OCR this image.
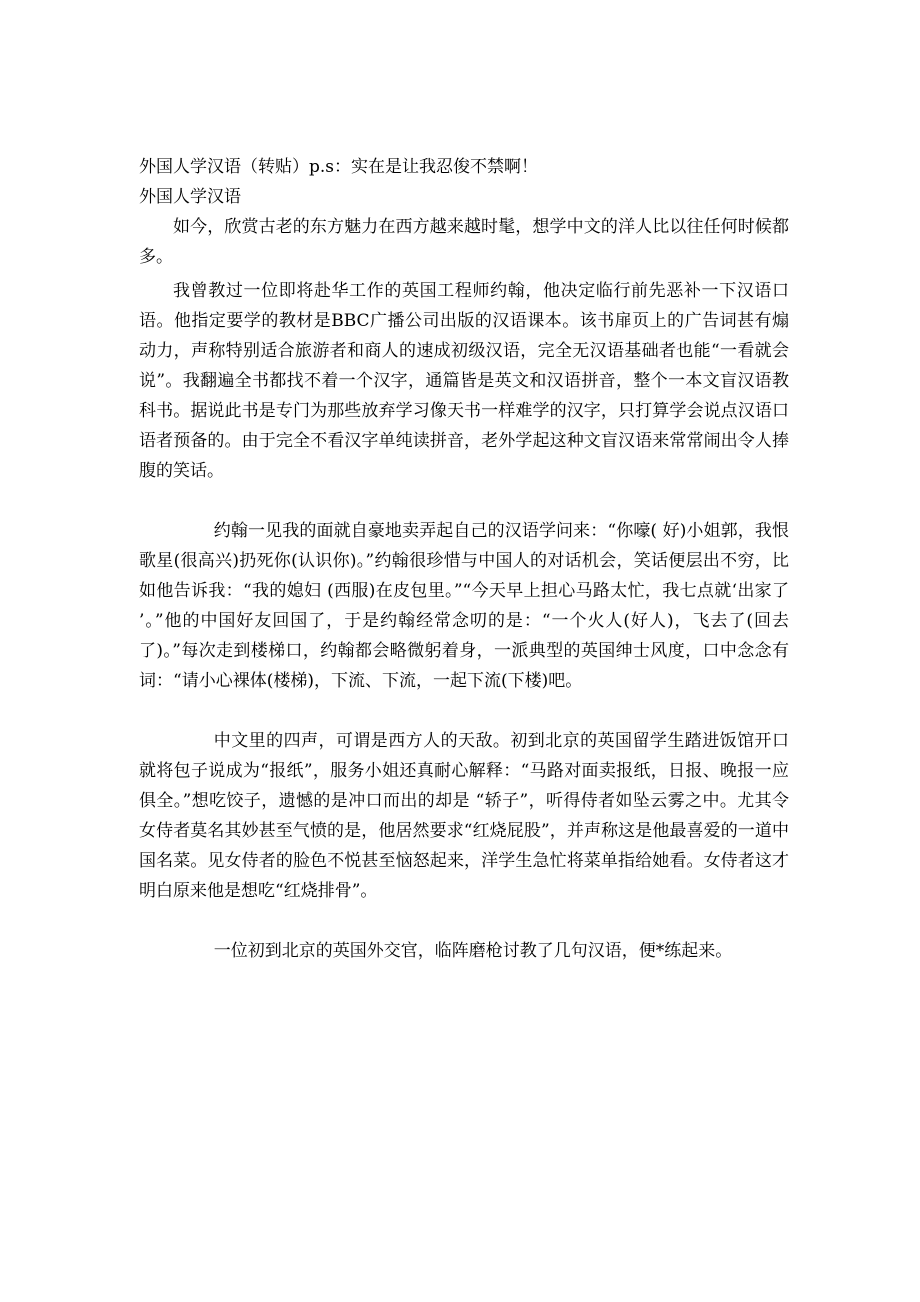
外国人学汉语（转贴）p.s：实在是让我忍俊不禁啊！

外国人学汉语

如今，欣赏古老的东方魅力在西方越来越时髦，想学中文的洋人比以往任何时候都多。

我曾教过一位即将赴华工作的英国工程师约翰，他决定临行前先恶补一下汉语口语。他指定要学的教材是BBC广播公司出版的汉语课本。该书扉页上的广告词甚有煽动力，声称特别适合旅游者和商人的速成初级汉语，完全无汉语基础者也能“一看就会说”。我翻遍全书都找不着一个汉字，通篇皆是英文和汉语拼音，整个一本文盲汉语教科书。据说此书是专门为那些放弃学习像天书一样难学的汉字，只打算学会说点汉语口语者预备的。由于完全不看汉字单纯读拼音，老外学起这种文盲汉语来常常闹出令人捧腹的笑话。

约翰一见我的面就自豪地卖弄起自己的汉语学问来：“你嚎( 好)小姐郭，我恨歌星(很高兴)扔死你(认识你)。”约翰很珍惜与中国人的对话机会，笑话便层出不穷，比如他告诉我：“我的媳妇 (西服)在皮包里。”“今天早上担心马路太忙，我七点就‘出家了 ’。”他的中国好友回国了，于是约翰经常念叨的是：“一个火人(好人)，飞去了(回去了)。”每次走到楼梯口，约翰都会略微躬着身，一派典型的英国绅士风度，口中念念有词：“请小心裸体(楼梯)，下流、下流，一起下流(下楼)吧。

中文里的四声，可谓是西方人的天敌。初到北京的英国留学生踏进饭馆开口就将包子说成为“报纸”，服务小姐还真耐心解释：“马路对面卖报纸，日报、晚报一应俱全。”想吃饺子，遗憾的是冲口而出的却是 “轿子”，听得侍者如坠云雾之中。尤其令女侍者莫名其妙甚至气愤的是，他居然要求“红烧屁股”，并声称这是他最喜爱的一道中国名菜。见女侍者的脸色不悦甚至恼怒起来，洋学生急忙将菜单指给她看。女侍者这才明白原来他是想吃“红烧排骨”。

一位初到北京的英国外交官，临阵磨枪讨教了几句汉语，便*练起来。
